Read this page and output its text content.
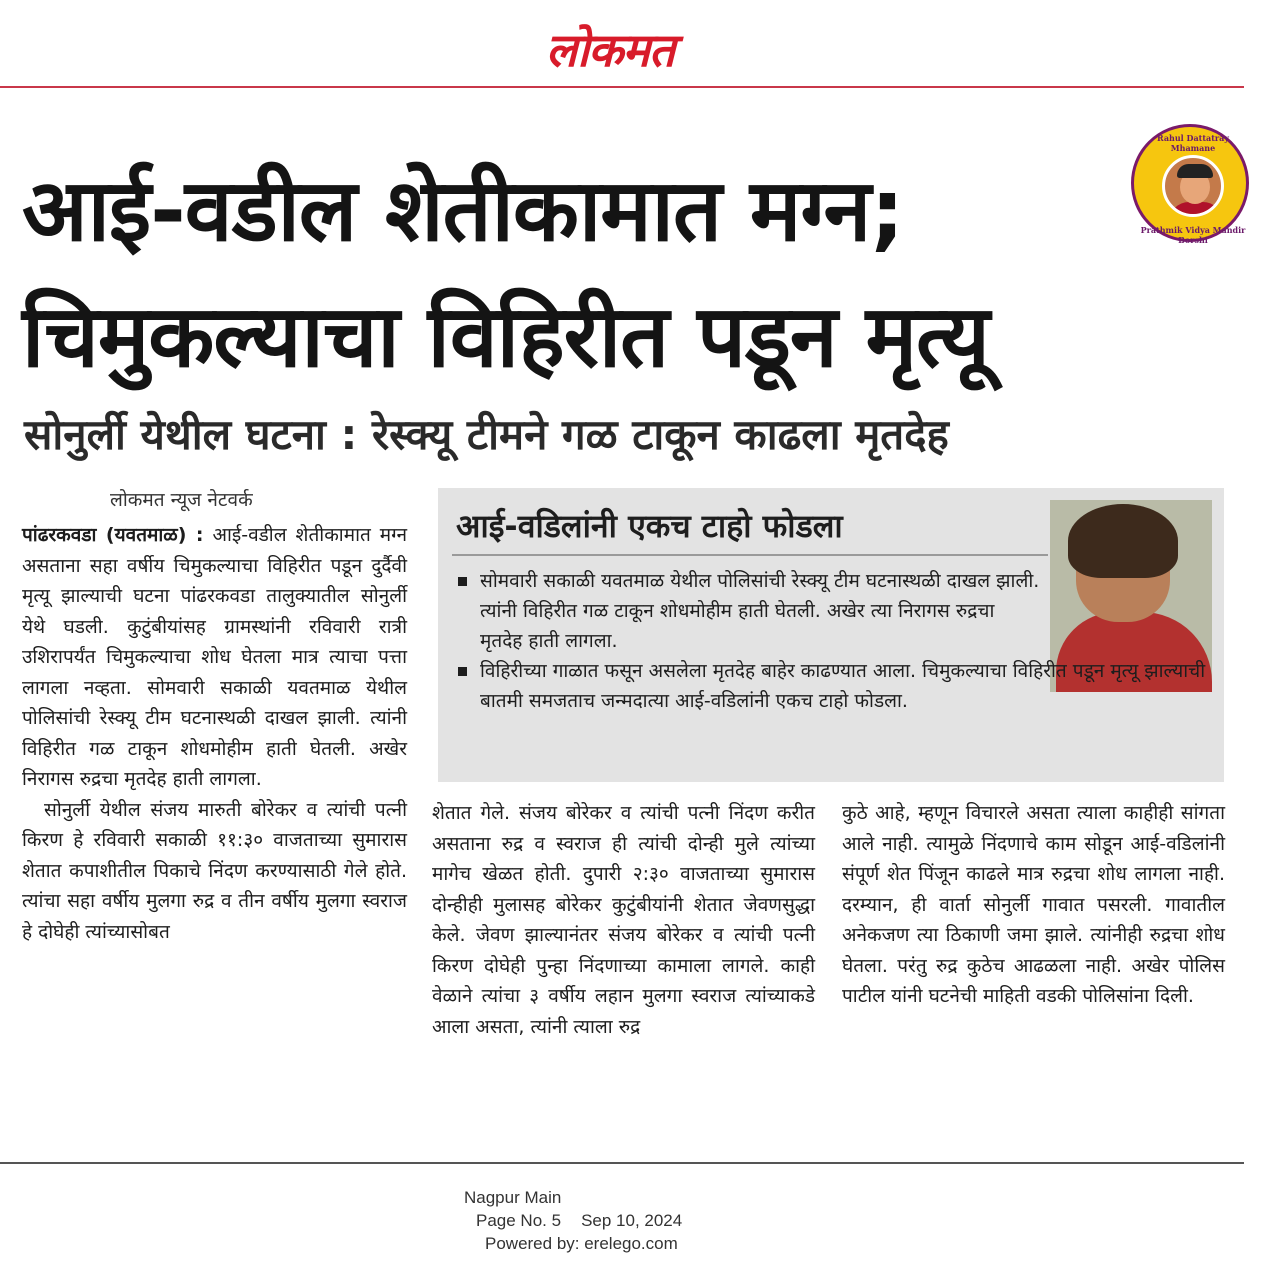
लोकमत
Rahul Dattatray Mhamane
Prathmik Vidya Mandir Borshi
आई-वडील शेतीकामात मग्न;
चिमुकल्याचा विहिरीत पडून मृत्यू
सोनुर्ली येथील घटना : रेस्क्यू टीमने गळ टाकून काढला मृतदेह
लोकमत न्यूज नेटवर्क

पांढरकवडा (यवतमाळ) : आई-वडील शेतीकामात मग्न असताना सहा वर्षीय चिमुकल्याचा विहिरीत पडून दुर्दैवी मृत्यू झाल्याची घटना पांढरकवडा तालुक्यातील सोनुर्ली येथे घडली. कुटुंबीयांसह ग्रामस्थांनी रविवारी रात्री उशिरापर्यंत चिमुकल्याचा शोध घेतला मात्र त्याचा पत्ता लागला नव्हता. सोमवारी सकाळी यवतमाळ येथील पोलिसांची रेस्क्यू टीम घटनास्थळी दाखल झाली. त्यांनी विहिरीत गळ टाकून शोधमोहीम हाती घेतली. अखेर निरागस रुद्रचा मृतदेह हाती लागला.

सोनुर्ली येथील संजय मारुती बोरेकर व त्यांची पत्नी किरण हे रविवारी सकाळी ११:३० वाजताच्या सुमारास शेतात कपाशीतील पिकाचे निंदण करण्यासाठी गेले होते. त्यांचा सहा वर्षीय मुलगा रुद्र व तीन वर्षीय मुलगा स्वराज हे दोघेही त्यांच्यासोबत

शेतात गेले. संजय बोरेकर व त्यांची पत्नी निंदण करीत असताना रुद्र व स्वराज ही त्यांची दोन्ही मुले त्यांच्या मागेच खेळत होती. दुपारी २:३० वाजताच्या सुमारास दोन्हीही मुलासह बोरेकर कुटुंबीयांनी शेतात जेवणसुद्धा केले. जेवण झाल्यानंतर संजय बोरेकर व त्यांची पत्नी किरण दोघेही पुन्हा निंदणाच्या कामाला लागले. काही वेळाने त्यांचा ३ वर्षीय लहान मुलगा स्वराज त्यांच्याकडे आला असता, त्यांनी त्याला रुद्र

कुठे आहे, म्हणून विचारले असता त्याला काहीही सांगता आले नाही. त्यामुळे निंदणाचे काम सोडून आई-वडिलांनी संपूर्ण शेत पिंजून काढले मात्र रुद्रचा शोध लागला नाही. दरम्यान, ही वार्ता सोनुर्ली गावात पसरली. गावातील अनेकजण त्या ठिकाणी जमा झाले. त्यांनीही रुद्रचा शोध घेतला. परंतु रुद्र कुठेच आढळला नाही. अखेर पोलिस पाटील यांनी घटनेची माहिती वडकी पोलिसांना दिली.

आई-वडिलांनी एकच टाहो फोडला
सोमवारी सकाळी यवतमाळ येथील पोलिसांची रेस्क्यू टीम घटनास्थळी दाखल झाली. त्यांनी विहिरीत गळ टाकून शोधमोहीम हाती घेतली. अखेर त्या निरागस रुद्रचा मृतदेह हाती लागला.
विहिरीच्या गाळात फसून असलेला मृतदेह बाहेर काढण्यात आला. चिमुकल्याचा विहिरीत पडून मृत्यू झाल्याची बातमी समजताच जन्मदात्या आई-वडिलांनी एकच टाहो फोडला.
Nagpur Main
Page No. 5 Sep 10, 2024
Powered by: erelego.com
